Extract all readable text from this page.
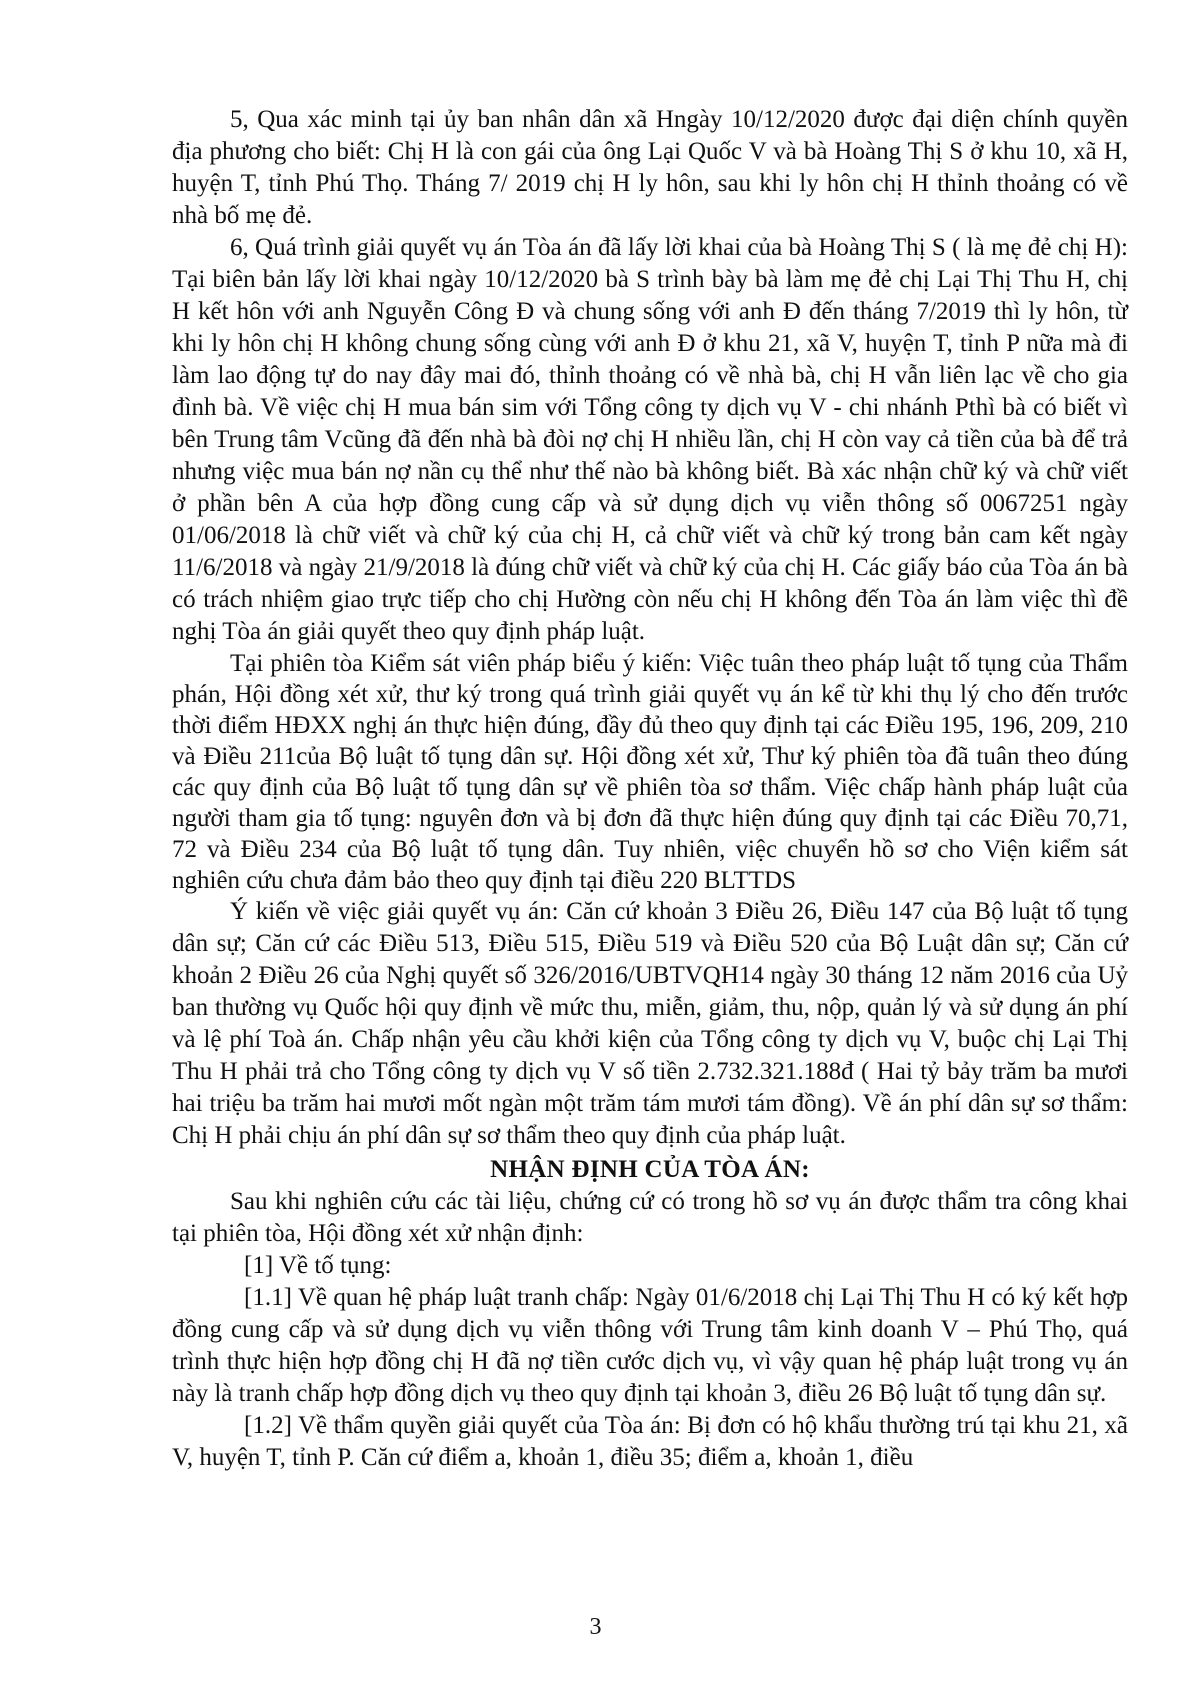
5, Qua xác minh tại ủy ban nhân dân xã Hngày 10/12/2020 được đại diện chính quyền địa phương cho biết: Chị H là con gái của ông Lại Quốc V và bà Hoàng Thị S ở khu 10, xã H, huyện T, tỉnh Phú Thọ. Tháng 7/ 2019 chị H ly hôn, sau khi ly hôn chị H thỉnh thoảng có về nhà bố mẹ đẻ.

6, Quá trình giải quyết vụ án Tòa án đã lấy lời khai của bà Hoàng Thị S ( là mẹ đẻ chị H): Tại biên bản lấy lời khai ngày 10/12/2020 bà S trình bày bà làm mẹ đẻ chị Lại Thị Thu H, chị H kết hôn với anh Nguyễn Công Đ và chung sống với anh Đ đến tháng 7/2019 thì ly hôn, từ khi ly hôn chị H không chung sống cùng với anh Đ ở khu 21, xã V, huyện T, tỉnh P nữa mà đi làm lao động tự do nay đây mai đó, thỉnh thoảng có về nhà bà, chị H vẫn liên lạc về cho gia đình bà. Về việc chị H mua bán sim với Tổng công ty dịch vụ V - chi nhánh Pthì bà có biết vì bên Trung tâm Vcũng đã đến nhà bà đòi nợ chị H nhiều lần, chị H còn vay cả tiền của bà để trả nhưng việc mua bán nợ nần cụ thể như thế nào bà không biết. Bà xác nhận chữ ký và chữ viết ở phần bên A của hợp đồng cung cấp và sử dụng dịch vụ viễn thông số 0067251 ngày 01/06/2018 là chữ viết và chữ ký của chị H, cả chữ viết và chữ ký trong bản cam kết ngày 11/6/2018 và ngày 21/9/2018 là đúng chữ viết và chữ ký của chị H. Các giấy báo của Tòa án bà có trách nhiệm giao trực tiếp cho chị Hường còn nếu chị H không đến Tòa án làm việc thì đề nghị Tòa án giải quyết theo quy định pháp luật.

Tại phiên tòa Kiểm sát viên pháp biểu ý kiến: Việc tuân theo pháp luật tố tụng của Thẩm phán, Hội đồng xét xử, thư ký trong quá trình giải quyết vụ án kể từ khi thụ lý cho đến trước thời điểm HĐXX nghị án thực hiện đúng, đầy đủ theo quy định tại các Điều 195, 196, 209, 210 và Điều 211của Bộ luật tố tụng dân sự. Hội đồng xét xử, Thư ký phiên tòa đã tuân theo đúng các quy định của Bộ luật tố tụng dân sự về phiên tòa sơ thẩm. Việc chấp hành pháp luật của người tham gia tố tụng: nguyên đơn và bị đơn đã thực hiện đúng quy định tại các Điều 70,71, 72 và Điều 234 của Bộ luật tố tụng dân. Tuy nhiên, việc chuyển hồ sơ cho Viện kiểm sát nghiên cứu chưa đảm bảo theo quy định tại điều 220 BLTTDS

Ý kiến về việc giải quyết vụ án: Căn cứ khoản 3 Điều 26, Điều 147 của Bộ luật tố tụng dân sự; Căn cứ các Điều 513, Điều 515, Điều 519 và Điều 520 của Bộ Luật dân sự; Căn cứ khoản 2 Điều 26 của Nghị quyết số 326/2016/UBTVQH14 ngày 30 tháng 12 năm 2016 của Uỷ ban thường vụ Quốc hội quy định về mức thu, miễn, giảm, thu, nộp, quản lý và sử dụng án phí và lệ phí Toà án. Chấp nhận yêu cầu khởi kiện của Tổng công ty dịch vụ V, buộc chị Lại Thị Thu H phải trả cho Tổng công ty dịch vụ V số tiền 2.732.321.188đ ( Hai tỷ bảy trăm ba mươi hai triệu ba trăm hai mươi mốt ngàn một trăm tám mươi tám đồng). Về án phí dân sự sơ thẩm: Chị H phải chịu án phí dân sự sơ thẩm theo quy định của pháp luật.

NHẬN ĐỊNH CỦA TÒA ÁN:

Sau khi nghiên cứu các tài liệu, chứng cứ có trong hồ sơ vụ án được thẩm tra công khai tại phiên tòa, Hội đồng xét xử nhận định:

[1] Về tố tụng:

[1.1] Về quan hệ pháp luật tranh chấp: Ngày 01/6/2018 chị Lại Thị Thu H có ký kết hợp đồng cung cấp và sử dụng dịch vụ viễn thông với Trung tâm kinh doanh V – Phú Thọ, quá trình thực hiện hợp đồng chị H đã nợ tiền cước dịch vụ, vì vậy quan hệ pháp luật trong vụ án này là tranh chấp hợp đồng dịch vụ theo quy định tại khoản 3, điều 26 Bộ luật tố tụng dân sự.

[1.2] Về thẩm quyền giải quyết của Tòa án: Bị đơn có hộ khẩu thường trú tại khu 21, xã V, huyện T, tỉnh P. Căn cứ điểm a, khoản 1, điều 35; điểm a, khoản 1, điều

3
